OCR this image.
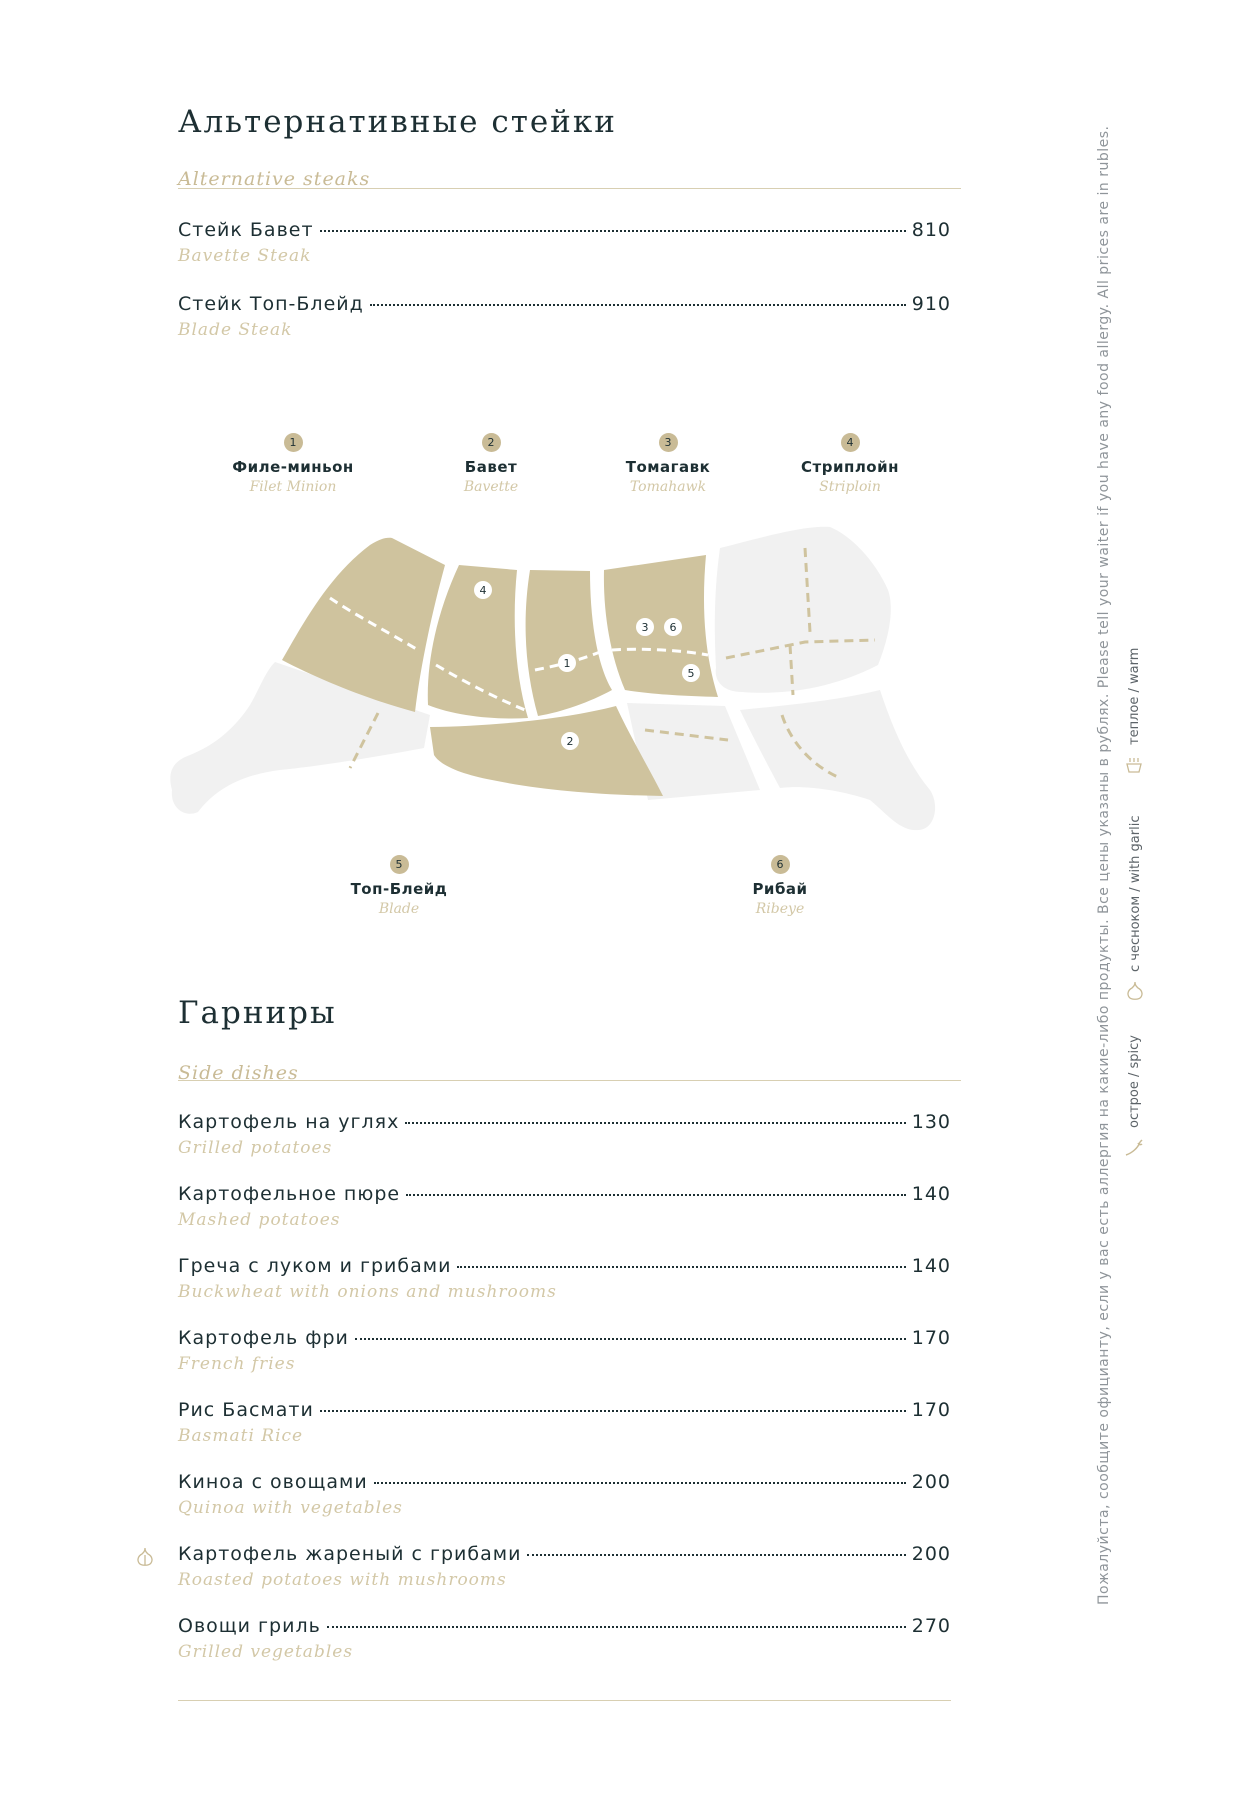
Альтернативные стейки
Alternative steaks
Стейк Бавет	810
Bavette Steak
Стейк Топ-Блейд	910
Blade Steak
1
Филе-миньон
Filet Minion
2
Бавет
Bavette
3
Томагавк
Tomahawk
4
Стриплойн
Striploin
5
Топ-Блейд
Blade
6
Рибай
Ribeye
4
1
3 6
5
2
Гарниры
Side dishes
Картофель на углях	130
Grilled potatoes
Картофельное пюре	140
Mashed potatoes
Греча с луком и грибами	140
Buckwheat with onions and mushrooms
Картофель фри	170
French fries
Рис Басмати	170
Basmati Rice
Киноа с овощами	200
Quinoa with vegetables
Картофель жареный с грибами	200
Roasted potatoes with mushrooms
Овощи гриль	270
Grilled vegetables
Пожалуйста, сообщите официанту, если у вас есть аллергия на какие-либо продукты. Все цены указаны в рублях. Please tell your waiter if you have any food allergy. All prices are in rubles. теплое / warm
с чесноком / with garlic
острое / spicy
